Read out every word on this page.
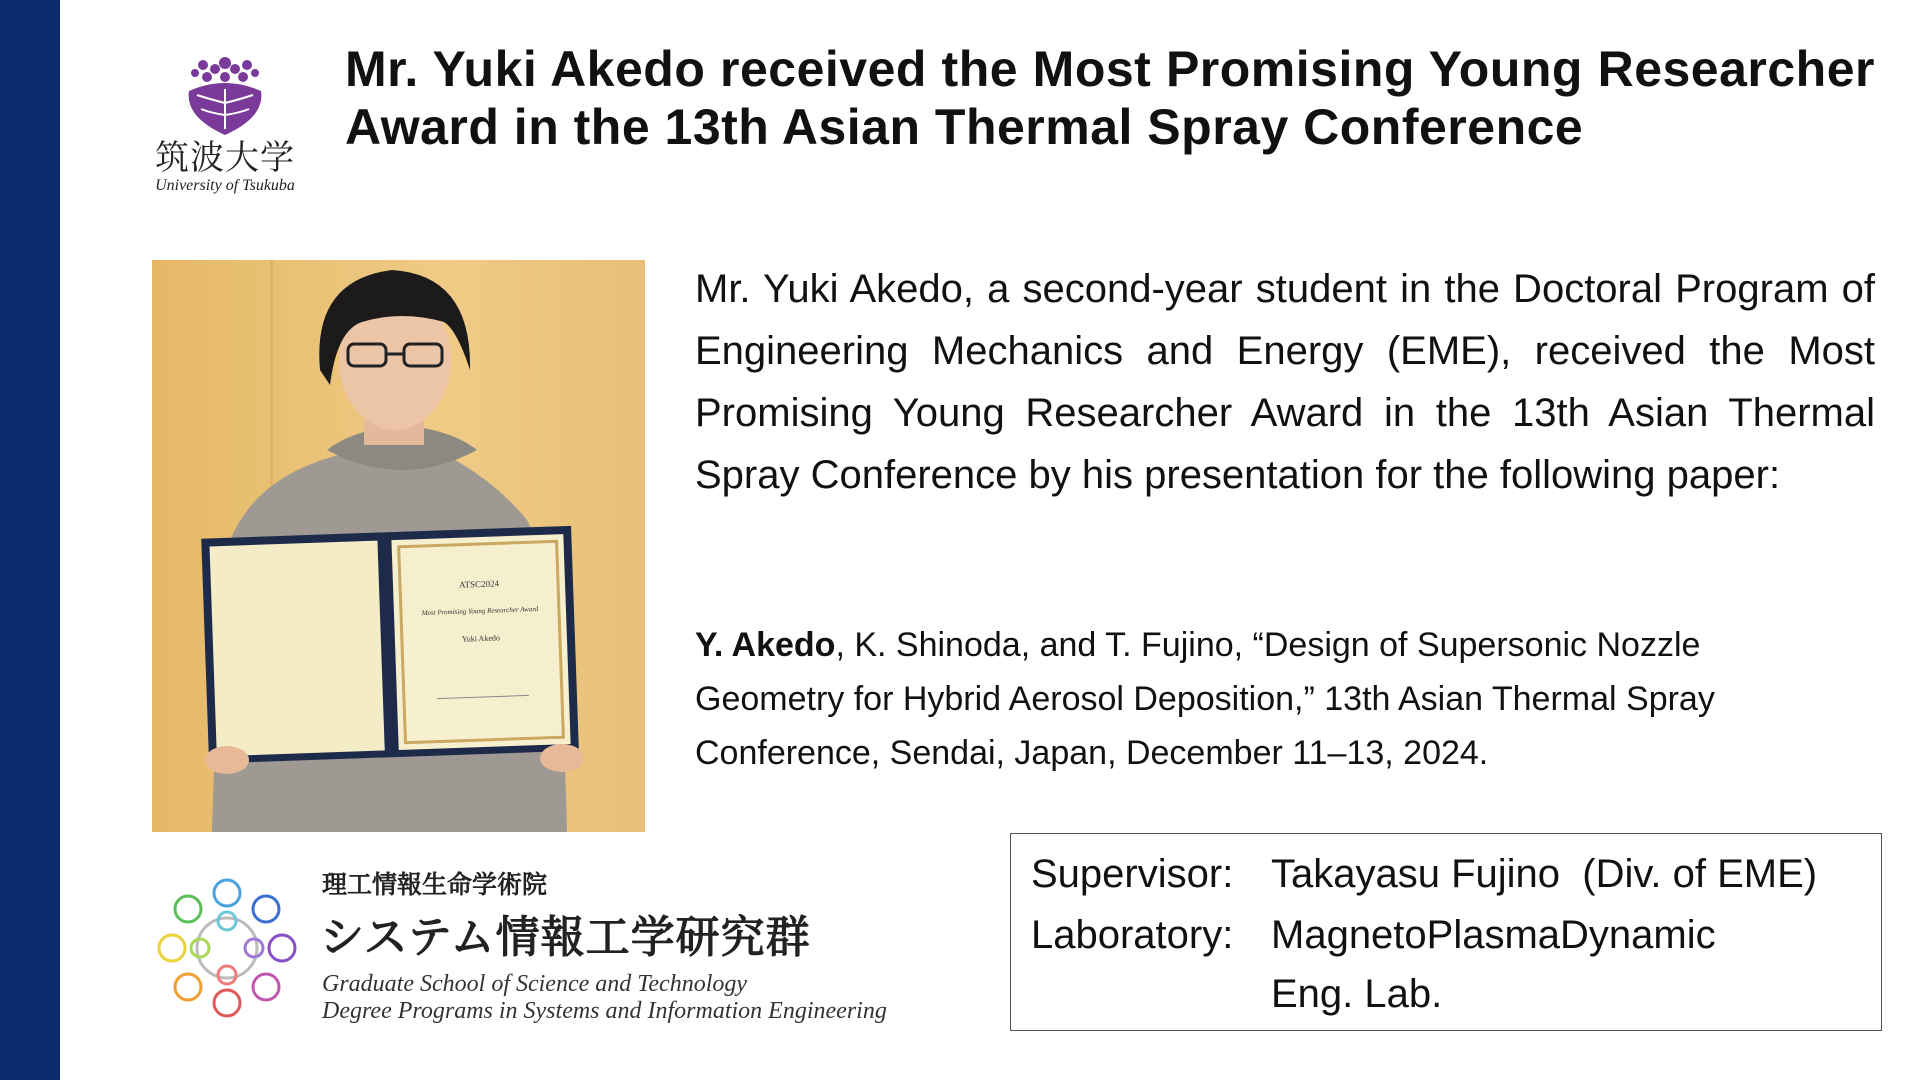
筑波大学
University of Tsukuba
Mr. Yuki Akedo received the Most Promising Young Researcher Award in the 13th Asian Thermal Spray Conference
ATSC2024
Most Promising Young Researcher Award
Yuki Akedo
Mr. Yuki Akedo, a second-year student in the Doctoral Program of Engineering Mechanics and Energy (EME), received the Most Promising Young Researcher Award in the 13th Asian Thermal Spray Conference by his presentation for the following paper:
Y. Akedo, K. Shinoda, and T. Fujino, “Design of Supersonic Nozzle Geometry for Hybrid Aerosol Deposition,” 13th Asian Thermal Spray Conference, Sendai, Japan, December 11–13, 2024.
理工情報生命学術院
システム情報工学研究群
Graduate School of Science and Technology
Degree Programs in Systems and Information Engineering
Supervisor: Takayasu Fujino  (Div. of EME)
Laboratory: MagnetoPlasmaDynamic
Eng. Lab.
